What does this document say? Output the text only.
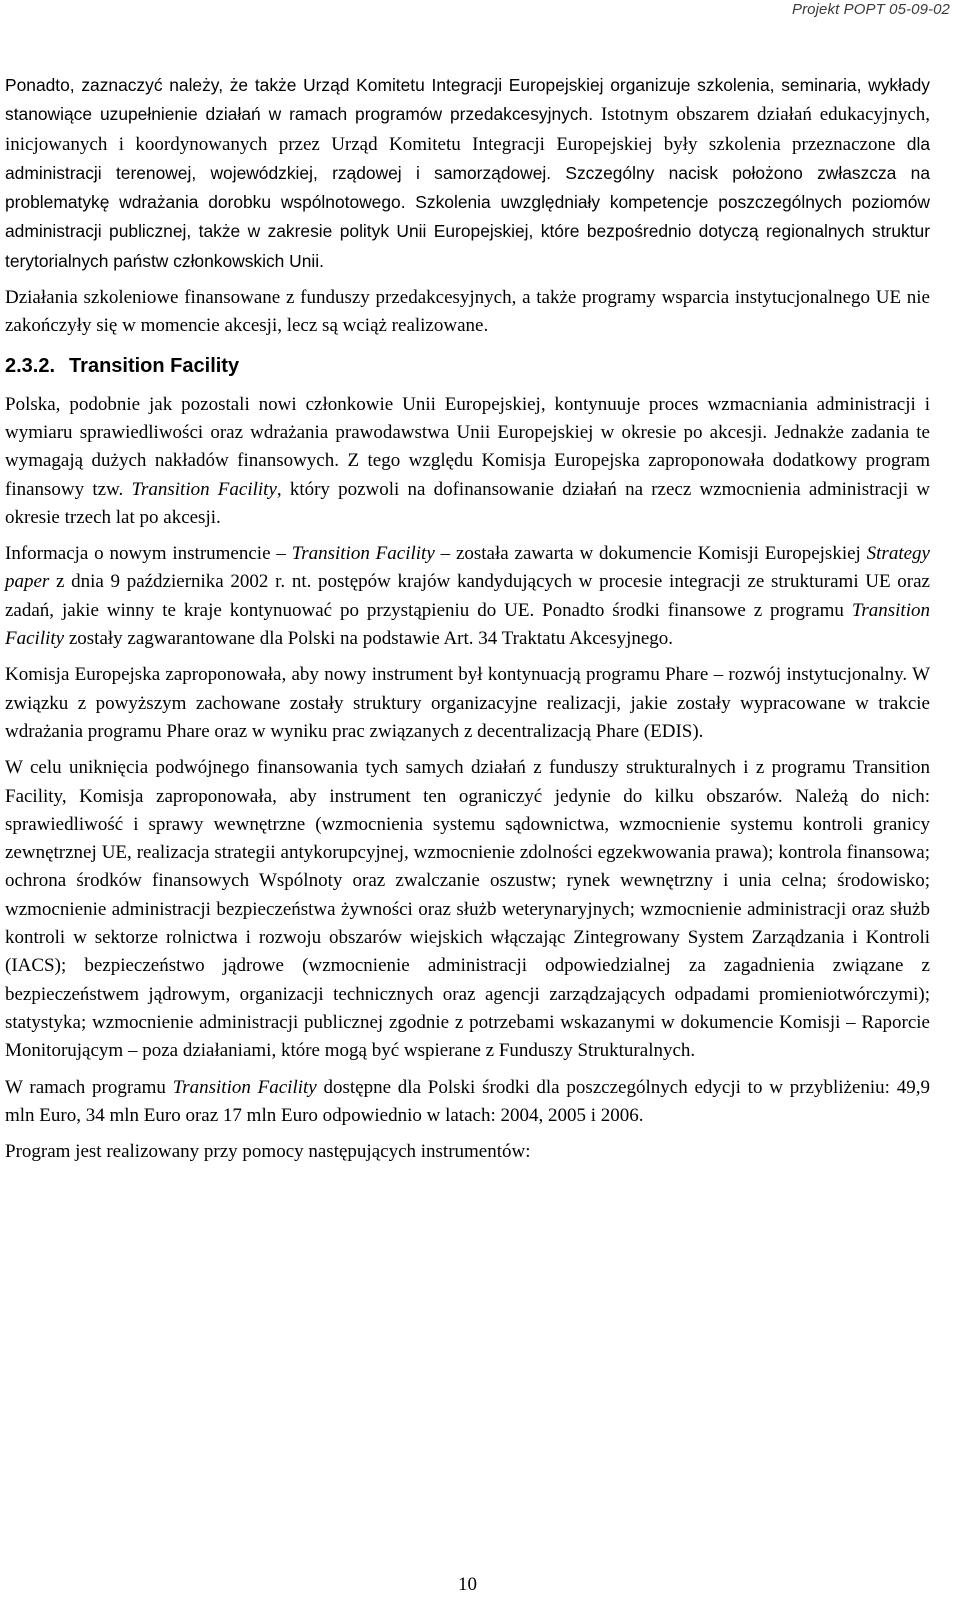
Projekt POPT 05-09-02

Ponadto, zaznaczyć należy, że także Urząd Komitetu Integracji Europejskiej organizuje szkolenia, seminaria, wykłady stanowiące uzupełnienie działań w ramach programów przedakcesyjnych. Istotnym obszarem działań edukacyjnych, inicjowanych i koordynowanych przez Urząd Komitetu Integracji Europejskiej były szkolenia przeznaczone dla administracji terenowej, wojewódzkiej, rządowej i samorządowej. Szczególny nacisk położono zwłaszcza na problematykę wdrażania dorobku wspólnotowego. Szkolenia uwzględniały kompetencje poszczególnych poziomów administracji publicznej, także w zakresie polityk Unii Europejskiej, które bezpośrednio dotyczą regionalnych struktur terytorialnych państw członkowskich Unii.

Działania szkoleniowe finansowane z funduszy przedakcesyjnych, a także programy wsparcia instytucjonalnego UE nie zakończyły się w momencie akcesji, lecz są wciąż realizowane.

2.3.2. Transition Facility

Polska, podobnie jak pozostali nowi członkowie Unii Europejskiej, kontynuuje proces wzmacniania administracji i wymiaru sprawiedliwości oraz wdrażania prawodawstwa Unii Europejskiej w okresie po akcesji. Jednakże zadania te wymagają dużych nakładów finansowych. Z tego względu Komisja Europejska zaproponowała dodatkowy program finansowy tzw. Transition Facility, który pozwoli na dofinansowanie działań na rzecz wzmocnienia administracji w okresie trzech lat po akcesji.

Informacja o nowym instrumencie – Transition Facility – została zawarta w dokumencie Komisji Europejskiej Strategy paper z dnia 9 października 2002 r. nt. postępów krajów kandydujących w procesie integracji ze strukturami UE oraz zadań, jakie winny te kraje kontynuować po przystąpieniu do UE. Ponadto środki finansowe z programu Transition Facility zostały zagwarantowane dla Polski na podstawie Art. 34 Traktatu Akcesyjnego.

Komisja Europejska zaproponowała, aby nowy instrument był kontynuacją programu Phare – rozwój instytucjonalny. W związku z powyższym zachowane zostały struktury organizacyjne realizacji, jakie zostały wypracowane w trakcie wdrażania programu Phare oraz w wyniku prac związanych z decentralizacją Phare (EDIS).

W celu uniknięcia podwójnego finansowania tych samych działań z funduszy strukturalnych i z programu Transition Facility, Komisja zaproponowała, aby instrument ten ograniczyć jedynie do kilku obszarów. Należą do nich: sprawiedliwość i sprawy wewnętrzne (wzmocnienia systemu sądownictwa, wzmocnienie systemu kontroli granicy zewnętrznej UE, realizacja strategii antykorupcyjnej, wzmocnienie zdolności egzekwowania prawa); kontrola finansowa; ochrona środków finansowych Wspólnoty oraz zwalczanie oszustw; rynek wewnętrzny i unia celna; środowisko; wzmocnienie administracji bezpieczeństwa żywności oraz służb weterynaryjnych; wzmocnienie administracji oraz służb kontroli w sektorze rolnictwa i rozwoju obszarów wiejskich włączając Zintegrowany System Zarządzania i Kontroli (IACS); bezpieczeństwo jądrowe (wzmocnienie administracji odpowiedzialnej za zagadnienia związane z bezpieczeństwem jądrowym, organizacji technicznych oraz agencji zarządzających odpadami promieniotwórczymi); statystyka; wzmocnienie administracji publicznej zgodnie z potrzebami wskazanymi w dokumencie Komisji – Raporcie Monitorującym – poza działaniami, które mogą być wspierane z Funduszy Strukturalnych.

W ramach programu Transition Facility dostępne dla Polski środki dla poszczególnych edycji to w przybliżeniu: 49,9 mln Euro, 34 mln Euro oraz 17 mln Euro odpowiednio w latach: 2004, 2005 i 2006.

Program jest realizowany przy pomocy następujących instrumentów:

10
